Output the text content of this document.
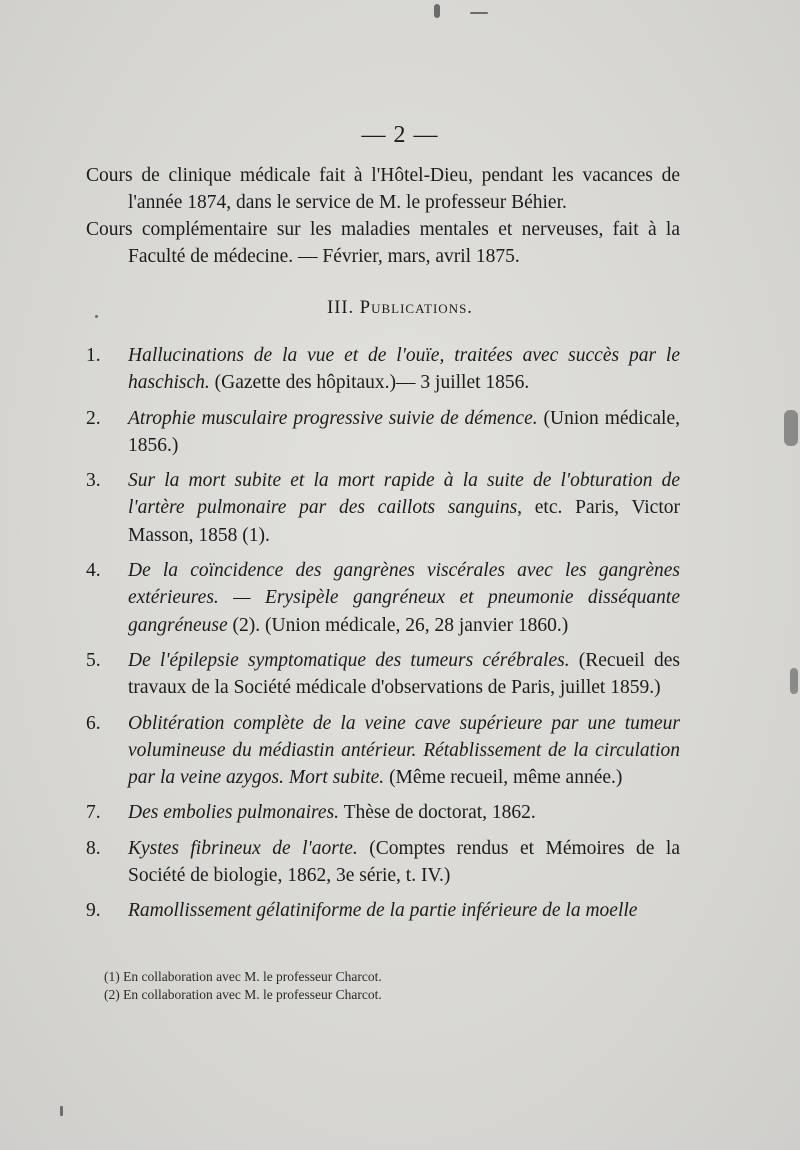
— 2 —

Cours de clinique médicale fait à l'Hôtel-Dieu, pendant les vacances de l'année 1874, dans le service de M. le professeur Béhier.

Cours complémentaire sur les maladies mentales et nerveuses, fait à la Faculté de médecine. — Février, mars, avril 1875.

III. Publications.
1. Hallucinations de la vue et de l'ouïe, traitées avec succès par le haschisch. (Gazette des hôpitaux.)— 3 juillet 1856.
2. Atrophie musculaire progressive suivie de démence. (Union médicale, 1856.)
3. Sur la mort subite et la mort rapide à la suite de l'obturation de l'artère pulmonaire par des caillots sanguins, etc. Paris, Victor Masson, 1858 (1).
4. De la coïncidence des gangrènes viscérales avec les gangrènes extérieures. — Erysipèle gangréneux et pneumonie disséquante gangréneuse (2). (Union médicale, 26, 28 janvier 1860.)
5. De l'épilepsie symptomatique des tumeurs cérébrales. (Recueil des travaux de la Société médicale d'observations de Paris, juillet 1859.)
6. Oblitération complète de la veine cave supérieure par une tumeur volumineuse du médiastin antérieur. Rétablissement de la circulation par la veine azygos. Mort subite. (Même recueil, même année.)
7. Des embolies pulmonaires. Thèse de doctorat, 1862.
8. Kystes fibrineux de l'aorte. (Comptes rendus et Mémoires de la Société de biologie, 1862, 3e série, t. IV.)
9. Ramollissement gélatiniforme de la partie inférieure de la moelle
(1) En collaboration avec M. le professeur Charcot.
(2) En collaboration avec M. le professeur Charcot.
